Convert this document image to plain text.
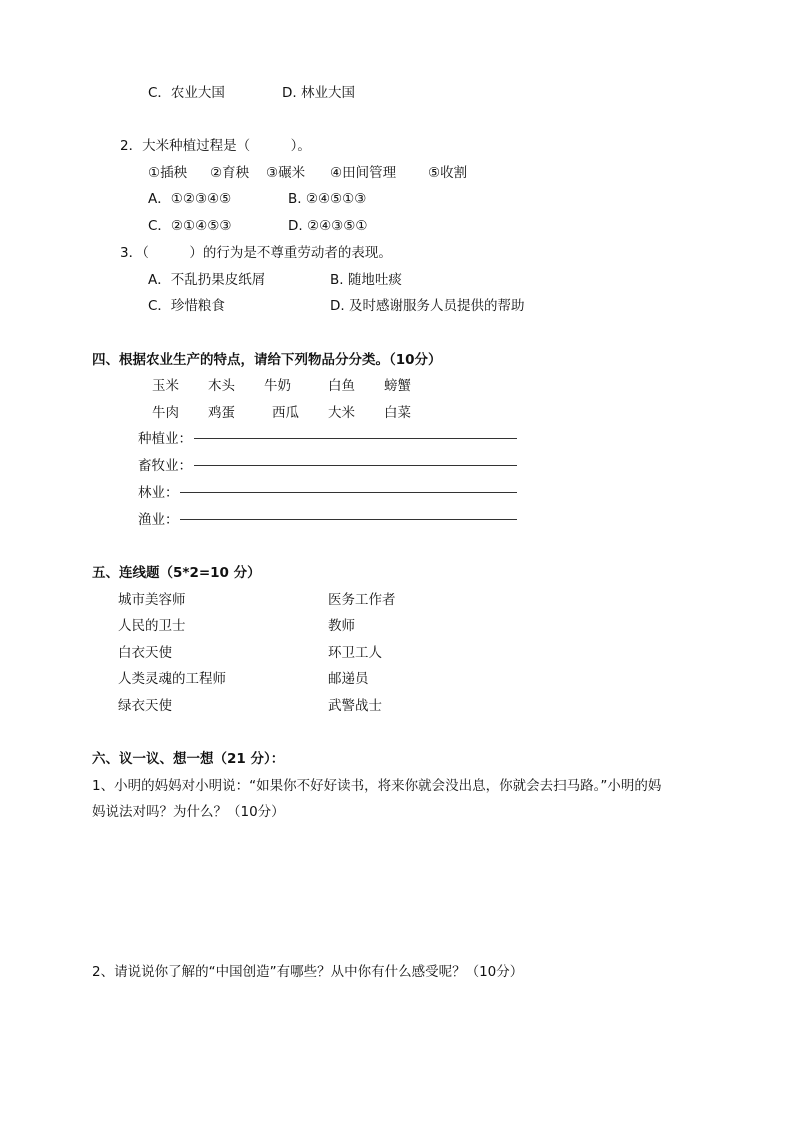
C．农业大国	D. 林业大国
2．大米种植过程是（　　　）。
①插秧 ②育秧 ③碾米 ④田间管理 ⑤收割
A．①②③④⑤	B. ②④⑤①③
C．②①④⑤③	D. ②④③⑤①
3．（　　　）的行为是不尊重劳动者的表现。
A．不乱扔果皮纸屑	B. 随地吐痰
C．珍惜粮食	D. 及时感谢服务人员提供的帮助
四、根据农业生产的特点，请给下列物品分分类。（10分）
玉米 木头 牛奶	白鱼 螃蟹
牛肉 鸡蛋	西瓜 大米 白菜
种植业：
畜牧业：
林业：
渔业：
五、连线题（5*2=10 分）
城市美容师	医务工作者
人民的卫士	教师
白衣天使	环卫工人
人类灵魂的工程师	邮递员
绿衣天使	武警战士
六、议一议、想一想（21 分）：
1、小明的妈妈对小明说：“如果你不好好读书，将来你就会没出息，你就会去扫马路。”小明的妈
妈说法对吗？为什么？（10分）
2、请说说你了解的“中国创造”有哪些？从中你有什么感受呢？（10分）
